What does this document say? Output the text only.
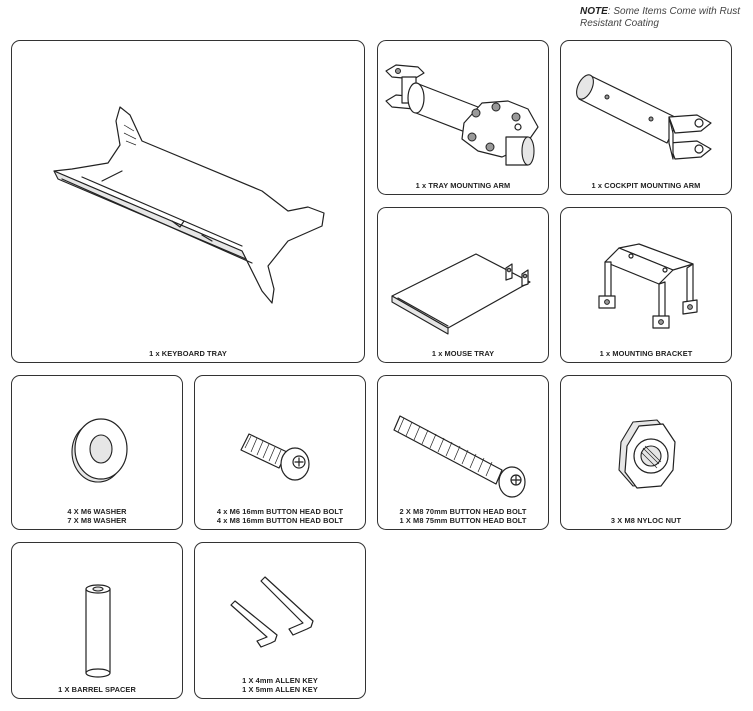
NOTE: Some Items Come with Rust Resistant Coating
1 x KEYBOARD TRAY
1 x TRAY MOUNTING ARM	1 x COCKPIT MOUNTING ARM
1 x MOUSE TRAY	1 x MOUNTING BRACKET
4 X M6 WASHER
7 X M8 WASHER
4 x M6 16mm BUTTON HEAD BOLT
4 x M8 16mm BUTTON HEAD BOLT
2 X M8 70mm BUTTON HEAD BOLT
1 X M8 75mm BUTTON HEAD BOLT	3 X M8 NYLOC NUT
1 X BARREL SPACER
1 X 4mm ALLEN KEY
1 X 5mm ALLEN KEY
